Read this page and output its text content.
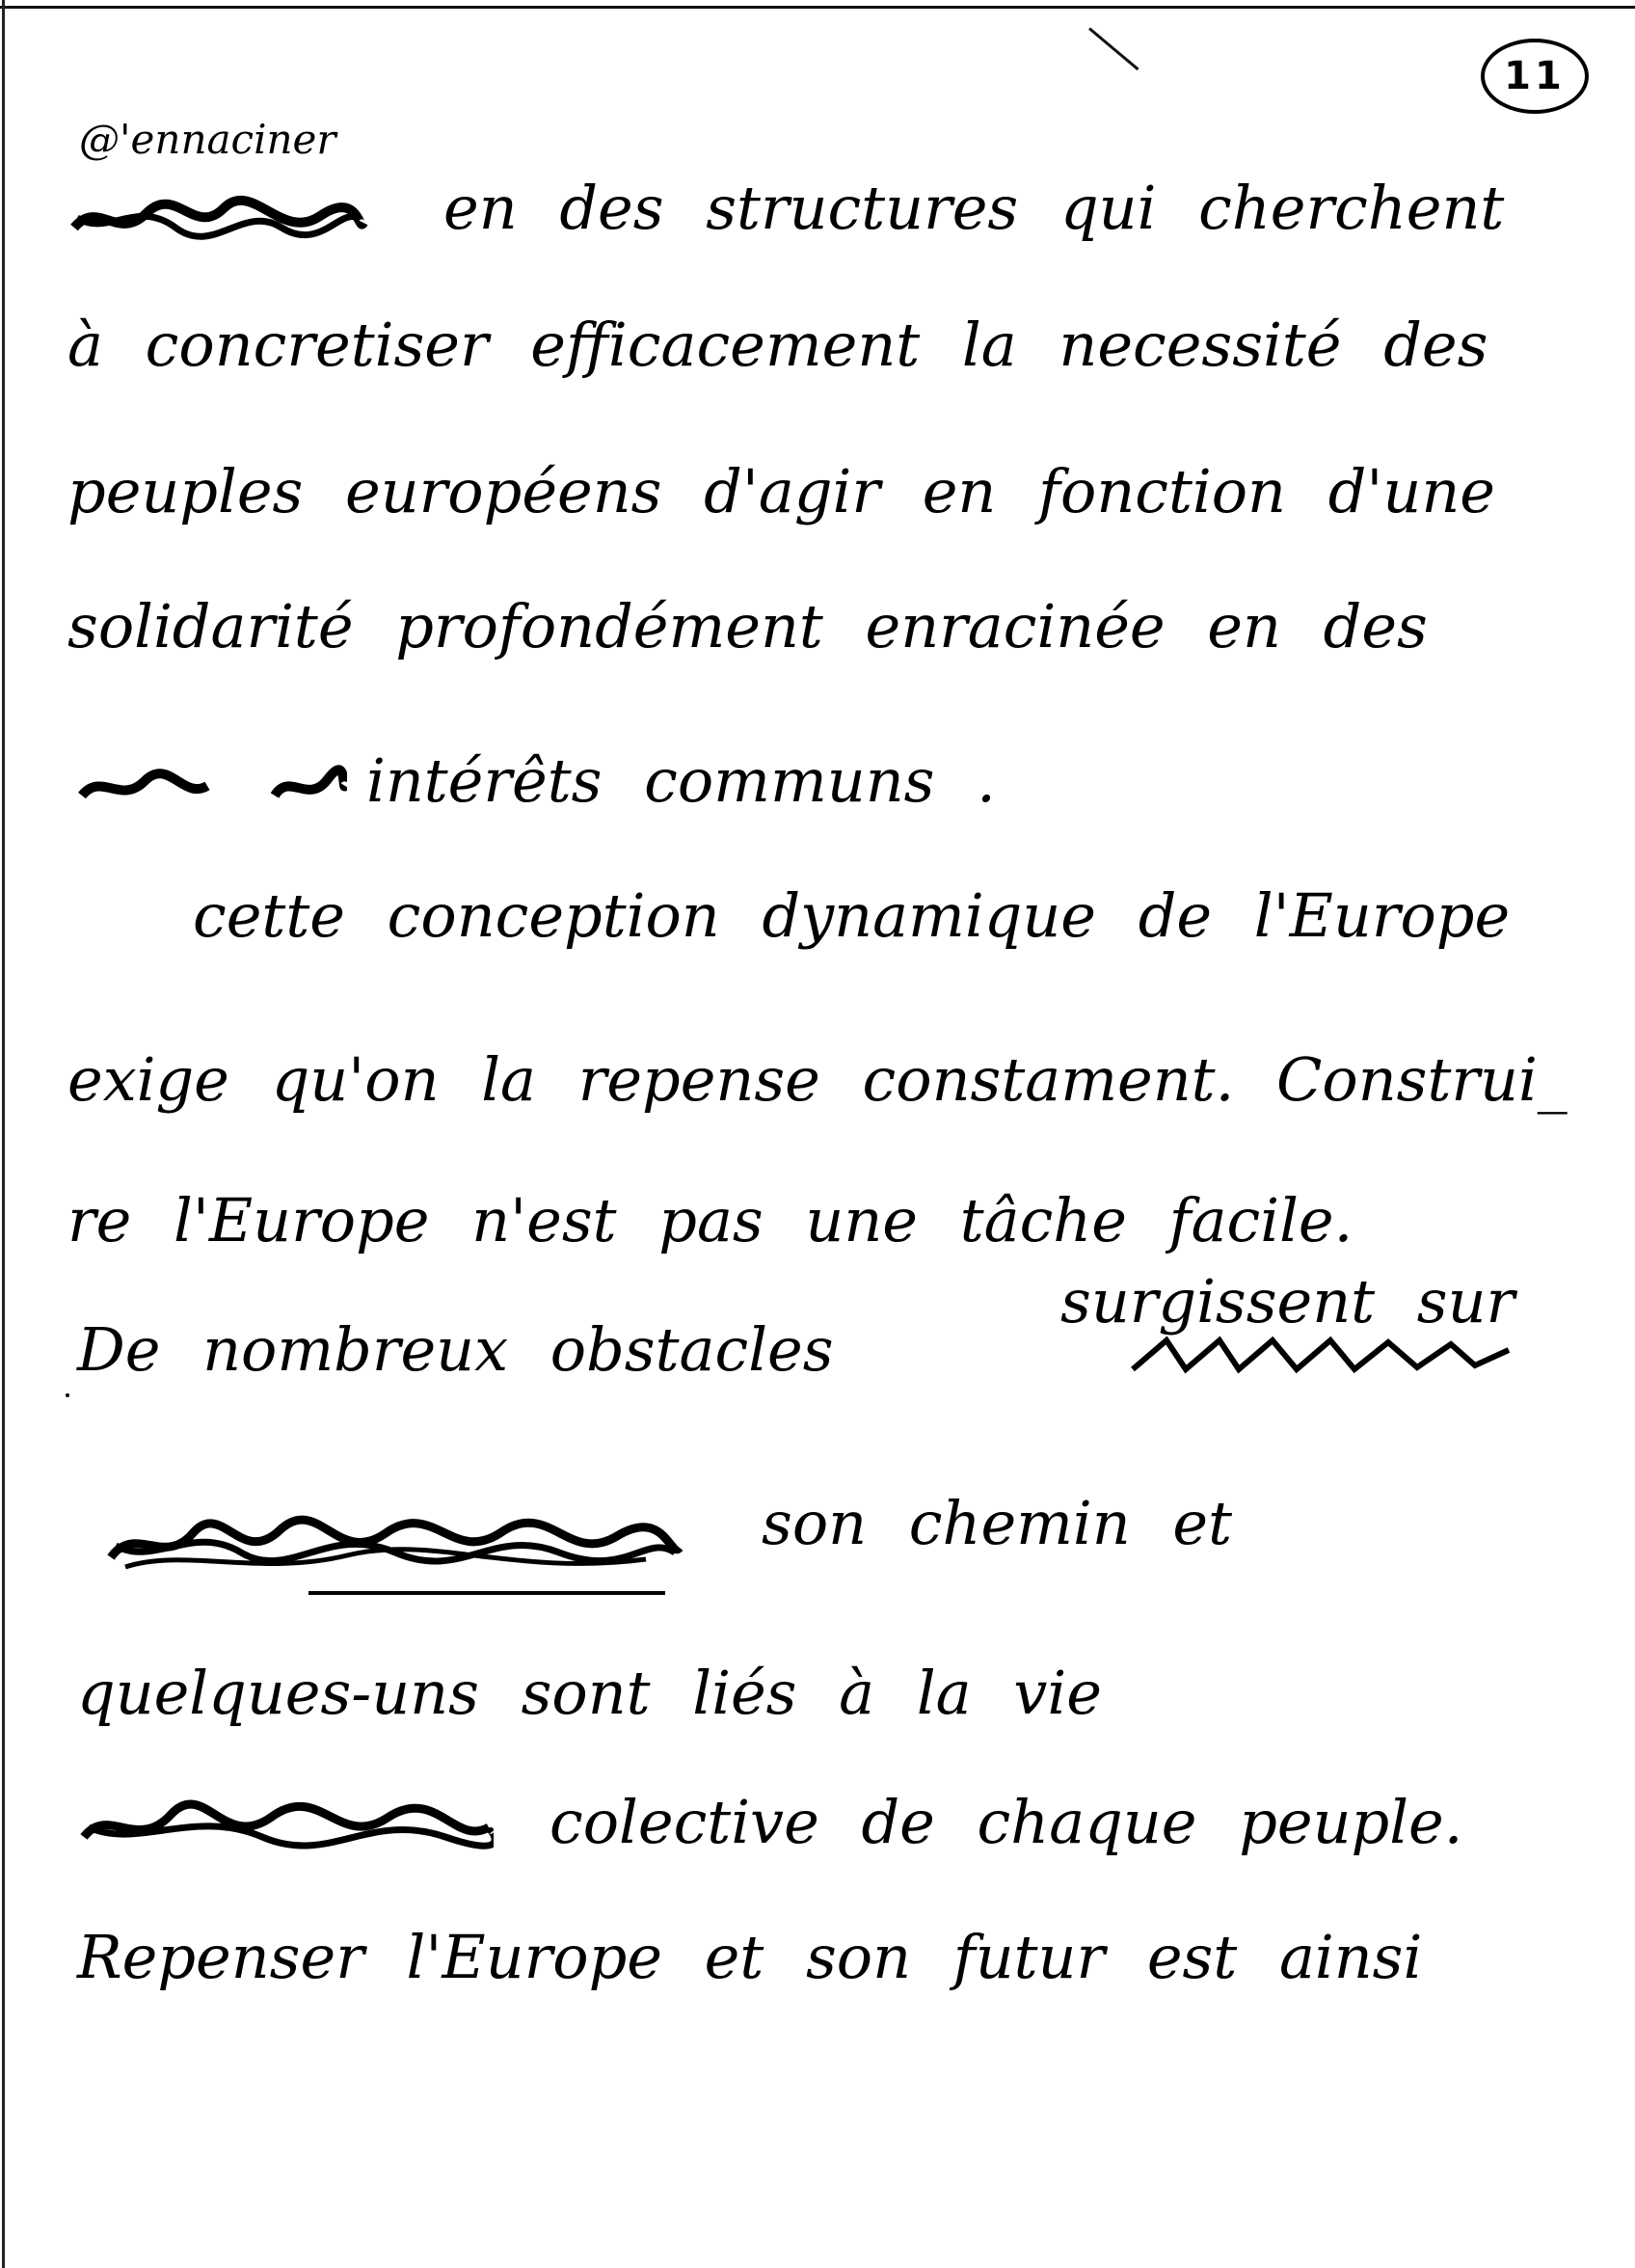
11
@'ennaciner
en des structures qui cherchent
à concretiser efficacement la necessité des
peuples européens d'agir en fonction d'une
solidarité profondément enracinée en des
intérêts communs .
cette conception dynamique de l'Europe
exige qu'on la repense constament. Construi_
re l'Europe n'est pas une tâche facile.
De nombreux obstacles
surgissent sur
son chemin et
quelques-uns sont liés à la vie
colective de chaque peuple.
Repenser l'Europe et son futur est ainsi
